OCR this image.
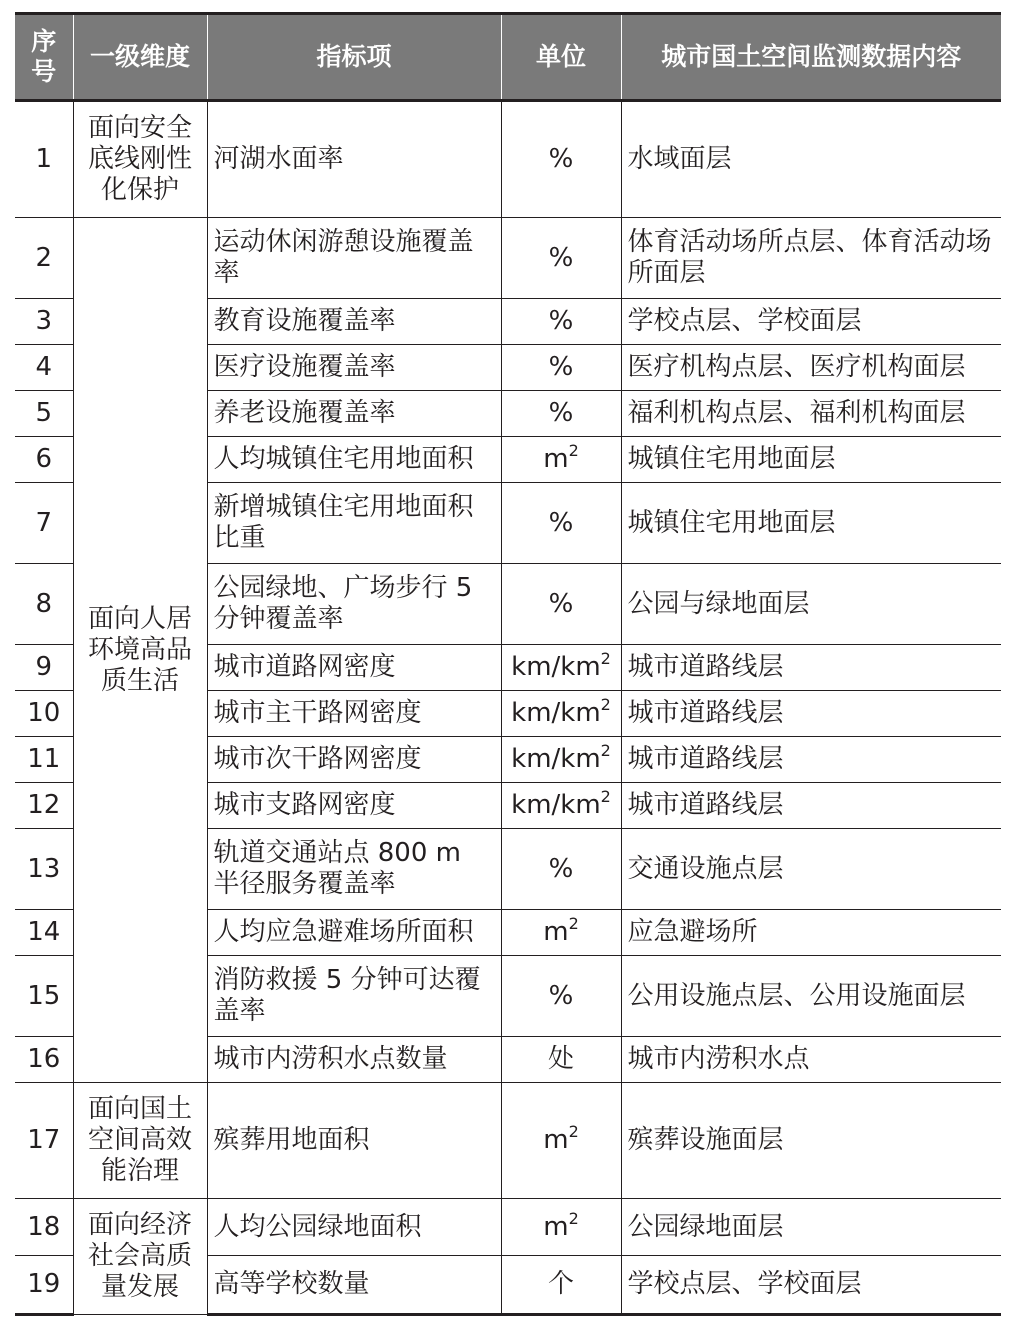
序号	一级维度	指标项	单位	城市国土空间监测数据内容
1	面向安全底线刚性化保护	河湖水面率	%	水域面层
2	面向人居环境高品质生活	运动休闲游憩设施覆盖率	%	体育活动场所点层、体育活动场所面层
3		教育设施覆盖率	%	学校点层、学校面层
4		医疗设施覆盖率	%	医疗机构点层、医疗机构面层
5		养老设施覆盖率	%	福利机构点层、福利机构面层
6		人均城镇住宅用地面积	$m^2$	城镇住宅用地面层
7		新增城镇住宅用地面积比重	%	城镇住宅用地面层
8		公园绿地、广场步行 5 分钟覆盖率	%	公园与绿地面层
9		城市道路网密度	$km/km^2$	城市道路线层
10		城市主干路网密度	$km/km^2$	城市道路线层
11		城市次干路网密度	$km/km^2$	城市道路线层
12		城市支路网密度	$km/km^2$	城市道路线层
13		轨道交通站点 800 m 半径服务覆盖率	%	交通设施点层
14		人均应急避难场所面积	$m^2$	应急避场所
15		消防救援 5 分钟可达覆盖率	%	公用设施点层、公用设施面层
16		城市内涝积水点数量	处	城市内涝积水点
17	面向国土空间高效能治理	殡葬用地面积	$m^2$	殡葬设施面层
18	面向经济社会高质量发展	人均公园绿地面积	$m^2$	公园绿地面层
19		高等学校数量	个	学校点层、学校面层
